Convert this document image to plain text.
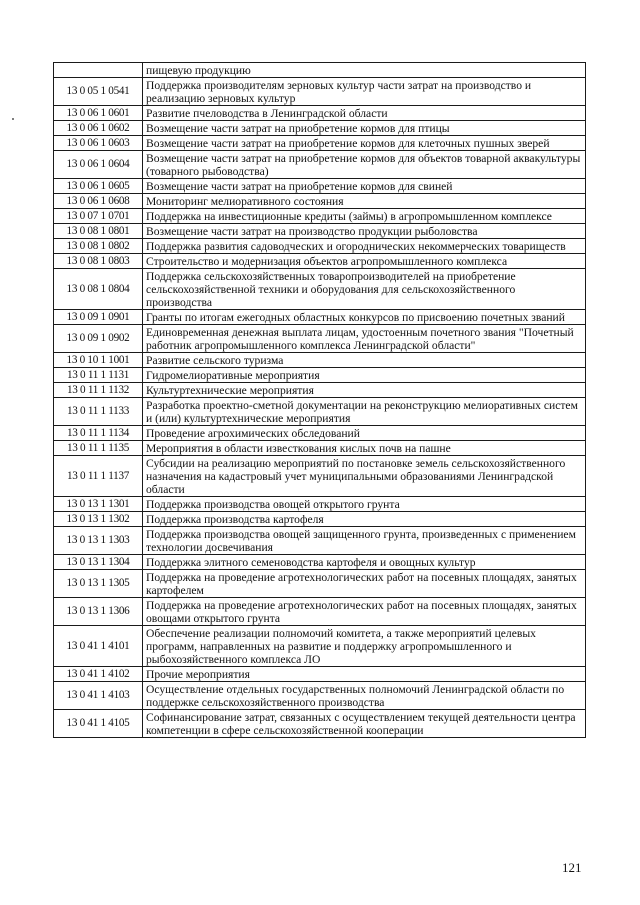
	пищевую продукцию
13 0 05 1 0541	Поддержка производителям зерновых культур части затрат на производство и реализацию зерновых культур
13 0 06 1 0601	Развитие пчеловодства в Ленинградской области
13 0 06 1 0602	Возмещение части затрат на приобретение кормов для птицы
13 0 06 1 0603	Возмещение части затрат на приобретение кормов для клеточных пушных зверей
13 0 06 1 0604	Возмещение части затрат на приобретение кормов для объектов товарной аквакультуры (товарного рыбоводства)
13 0 06 1 0605	Возмещение части затрат на приобретение кормов для свиней
13 0 06 1 0608	Мониторинг мелиоративного состояния
13 0 07 1 0701	Поддержка на инвестиционные кредиты (займы) в агропромышленном комплексе
13 0 08 1 0801	Возмещение части затрат на производство продукции рыболовства
13 0 08 1 0802	Поддержка развития садоводческих и огороднических некоммерческих товариществ
13 0 08 1 0803	Строительство и модернизация объектов агропромышленного комплекса
13 0 08 1 0804	Поддержка сельскохозяйственных товаропроизводителей на приобретение сельскохозяйственной техники и оборудования для сельскохозяйственного производства
13 0 09 1 0901	Гранты по итогам ежегодных областных конкурсов по присвоению почетных званий
13 0 09 1 0902	Единовременная денежная выплата лицам, удостоенным почетного звания "Почетный работник агропромышленного комплекса Ленинградской области"
13 0 10 1 1001	Развитие сельского туризма
13 0 11 1 1131	Гидромелиоративные мероприятия
13 0 11 1 1132	Культуртехнические мероприятия
13 0 11 1 1133	Разработка проектно-сметной документации на реконструкцию мелиоративных систем и (или) культуртехнические мероприятия
13 0 11 1 1134	Проведение агрохимических обследований
13 0 11 1 1135	Мероприятия в области известкования кислых почв на пашне
13 0 11 1 1137	Субсидии на реализацию мероприятий по постановке земель сельскохозяйственного назначения на кадастровый учет муниципальными образованиями Ленинградской области
13 0 13 1 1301	Поддержка производства овощей открытого грунта
13 0 13 1 1302	Поддержка производства картофеля
13 0 13 1 1303	Поддержка производства овощей защищенного грунта, произведенных с применением технологии досвечивания
13 0 13 1 1304	Поддержка элитного семеноводства картофеля и овощных культур
13 0 13 1 1305	Поддержка на проведение агротехнологических работ на посевных площадях, занятых картофелем
13 0 13 1 1306	Поддержка на проведение агротехнологических работ на посевных площадях, занятых овощами открытого грунта
13 0 41 1 4101	Обеспечение реализации полномочий комитета, а также мероприятий целевых программ, направленных на развитие и поддержку агропромышленного и рыбохозяйственного комплекса ЛО
13 0 41 1 4102	Прочие мероприятия
13 0 41 1 4103	Осуществление отдельных государственных полномочий Ленинградской области по поддержке сельскохозяйственного производства
13 0 41 1 4105	Софинансирование затрат, связанных с осуществлением текущей деятельности центра компетенции в сфере сельскохозяйственной кооперации
121
